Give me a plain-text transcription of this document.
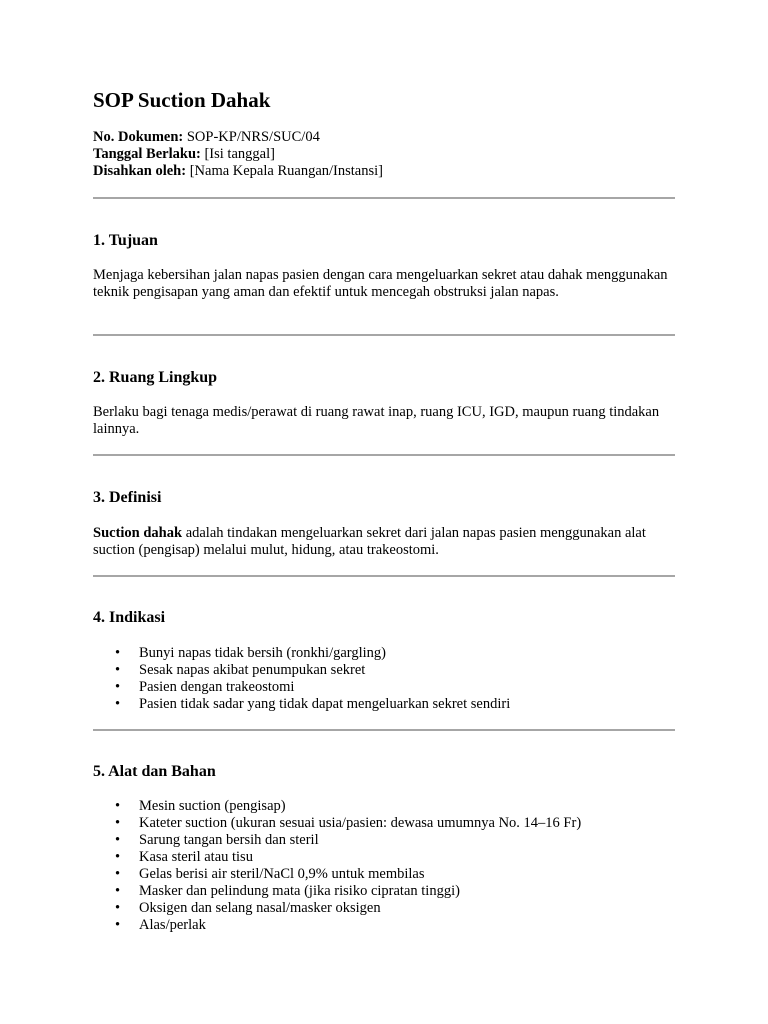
SOP Suction Dahak
No. Dokumen: SOP-KP/NRS/SUC/04
Tanggal Berlaku: [Isi tanggal]
Disahkan oleh: [Nama Kepala Ruangan/Instansi]
1. Tujuan

Menjaga kebersihan jalan napas pasien dengan cara mengeluarkan sekret atau dahak menggunakan teknik pengisapan yang aman dan efektif untuk mencegah obstruksi jalan napas.

2. Ruang Lingkup

Berlaku bagi tenaga medis/perawat di ruang rawat inap, ruang ICU, IGD, maupun ruang tindakan lainnya.

3. Definisi

Suction dahak adalah tindakan mengeluarkan sekret dari jalan napas pasien menggunakan alat suction (pengisap) melalui mulut, hidung, atau trakeostomi.

4. Indikasi
• Bunyi napas tidak bersih (ronkhi/gargling)
• Sesak napas akibat penumpukan sekret
• Pasien dengan trakeostomi
• Pasien tidak sadar yang tidak dapat mengeluarkan sekret sendiri
5. Alat dan Bahan
• Mesin suction (pengisap)
• Kateter suction (ukuran sesuai usia/pasien: dewasa umumnya No. 14–16 Fr)
• Sarung tangan bersih dan steril
• Kasa steril atau tisu
• Gelas berisi air steril/NaCl 0,9% untuk membilas
• Masker dan pelindung mata (jika risiko cipratan tinggi)
• Oksigen dan selang nasal/masker oksigen
• Alas/perlak
